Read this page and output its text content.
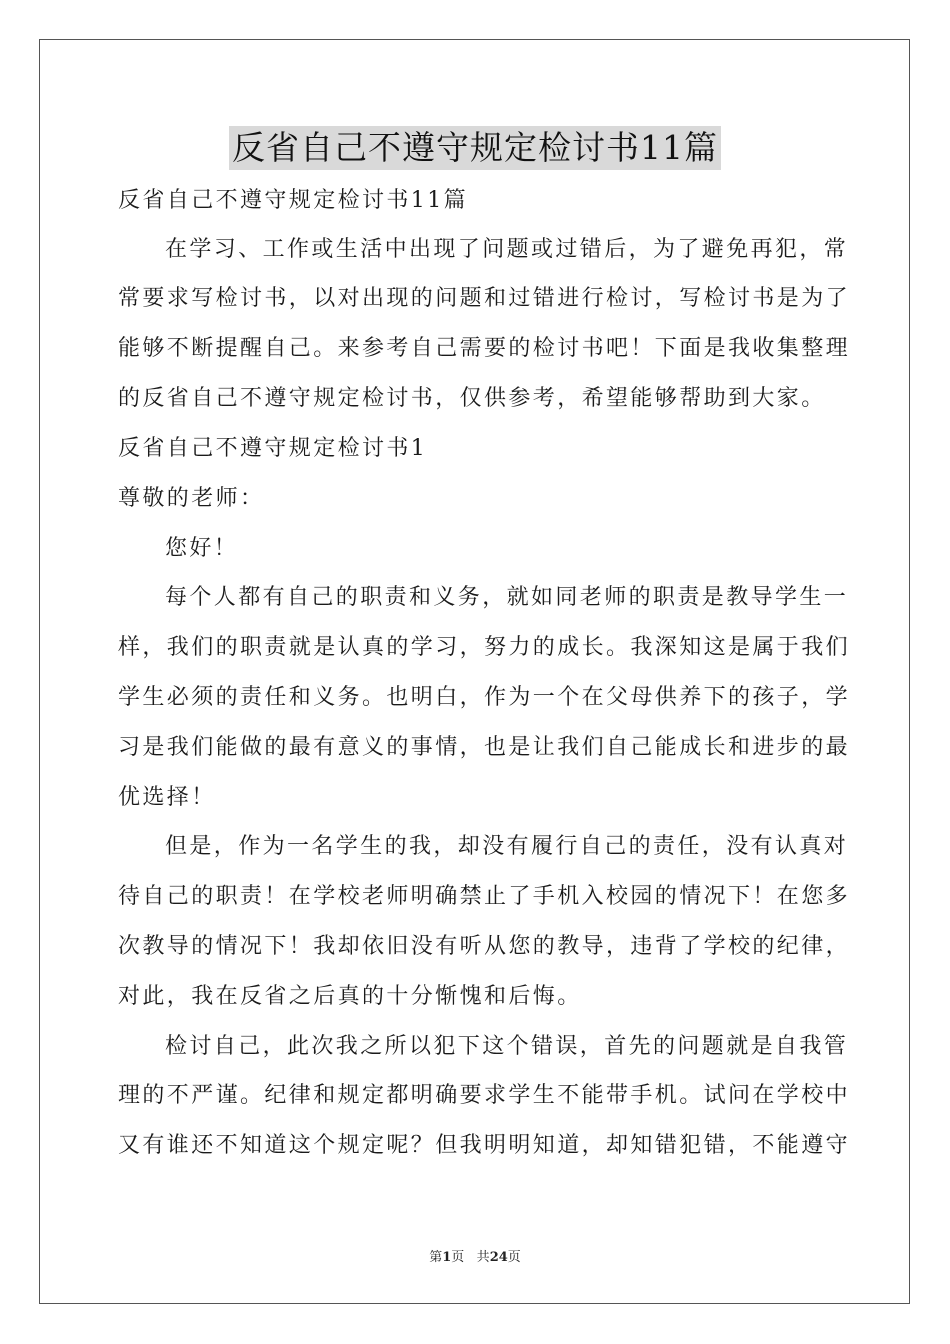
反省自己不遵守规定检讨书11篇
反省自己不遵守规定检讨书11篇
在学习、工作或生活中出现了问题或过错后，为了避免再犯，常
常要求写检讨书，以对出现的问题和过错进行检讨，写检讨书是为了
能够不断提醒自己。来参考自己需要的检讨书吧！下面是我收集整理
的反省自己不遵守规定检讨书，仅供参考，希望能够帮助到大家。
反省自己不遵守规定检讨书1
尊敬的老师：
您好！
每个人都有自己的职责和义务，就如同老师的职责是教导学生一
样，我们的职责就是认真的学习，努力的成长。我深知这是属于我们
学生必须的责任和义务。也明白，作为一个在父母供养下的孩子，学
习是我们能做的最有意义的事情，也是让我们自己能成长和进步的最
优选择！
但是，作为一名学生的我，却没有履行自己的责任，没有认真对
待自己的职责！在学校老师明确禁止了手机入校园的情况下！在您多
次教导的情况下！我却依旧没有听从您的教导，违背了学校的纪律，
对此，我在反省之后真的十分惭愧和后悔。
检讨自己，此次我之所以犯下这个错误，首先的问题就是自我管
理的不严谨。纪律和规定都明确要求学生不能带手机。试问在学校中
又有谁还不知道这个规定呢？但我明明知道，却知错犯错，不能遵守
第1页 共24页
